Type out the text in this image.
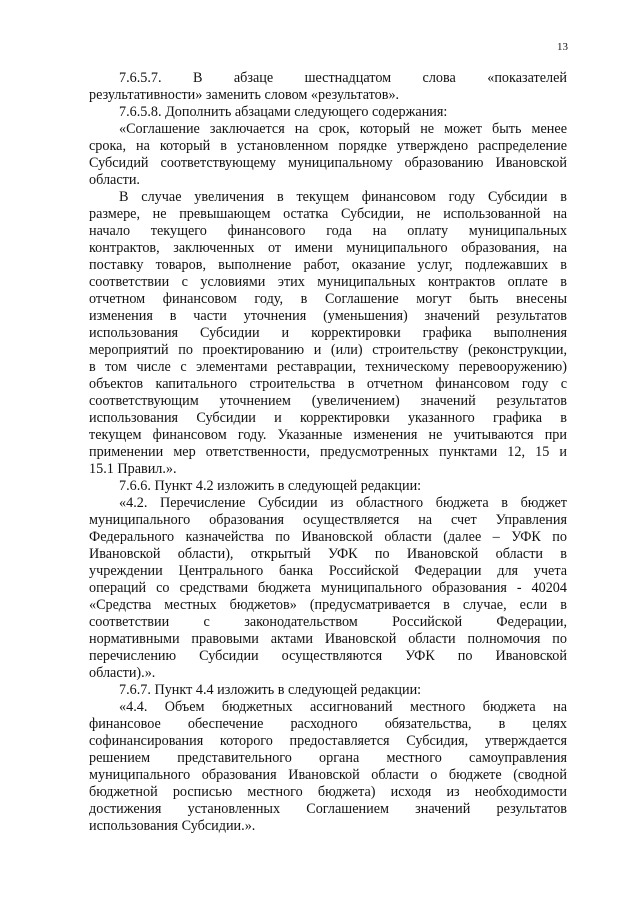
13
7.6.5.7. В абзаце шестнадцатом слова «показателей
результативности» заменить словом «результатов».
7.6.5.8. Дополнить абзацами следующего содержания:
«Соглашение заключается на срок, который не может быть менее
срока, на который в установленном порядке утверждено распределение
Субсидий соответствующему муниципальному образованию Ивановской
области.
В случае увеличения в текущем финансовом году Субсидии в
размере, не превышающем остатка Субсидии, не использованной на
начало текущего финансового года на оплату муниципальных
контрактов, заключенных от имени муниципального образования, на
поставку товаров, выполнение работ, оказание услуг, подлежавших в
соответствии с условиями этих муниципальных контрактов оплате в
отчетном финансовом году, в Соглашение могут быть внесены
изменения в части уточнения (уменьшения) значений результатов
использования Субсидии и корректировки графика выполнения
мероприятий по проектированию и (или) строительству (реконструкции,
в том числе с элементами реставрации, техническому перевооружению)
объектов капитального строительства в отчетном финансовом году с
соответствующим уточнением (увеличением) значений результатов
использования Субсидии и корректировки указанного графика в
текущем финансовом году. Указанные изменения не учитываются при
применении мер ответственности, предусмотренных пунктами 12, 15 и
15.1 Правил.».
7.6.6. Пункт 4.2 изложить в следующей редакции:
«4.2. Перечисление Субсидии из областного бюджета в бюджет
муниципального образования осуществляется на счет Управления
Федерального казначейства по Ивановской области (далее – УФК по
Ивановской области), открытый УФК по Ивановской области в
учреждении Центрального банка Российской Федерации для учета
операций со средствами бюджета муниципального образования - 40204
«Средства местных бюджетов» (предусматривается в случае, если в
соответствии с законодательством Российской Федерации,
нормативными правовыми актами Ивановской области полномочия по
перечислению Субсидии осуществляются УФК по Ивановской
области).».
7.6.7. Пункт 4.4 изложить в следующей редакции:
«4.4. Объем бюджетных ассигнований местного бюджета на
финансовое обеспечение расходного обязательства, в целях
софинансирования которого предоставляется Субсидия, утверждается
решением представительного органа местного самоуправления
муниципального образования Ивановской области о бюджете (сводной
бюджетной росписью местного бюджета) исходя из необходимости
достижения установленных Соглашением значений результатов
использования Субсидии.».
